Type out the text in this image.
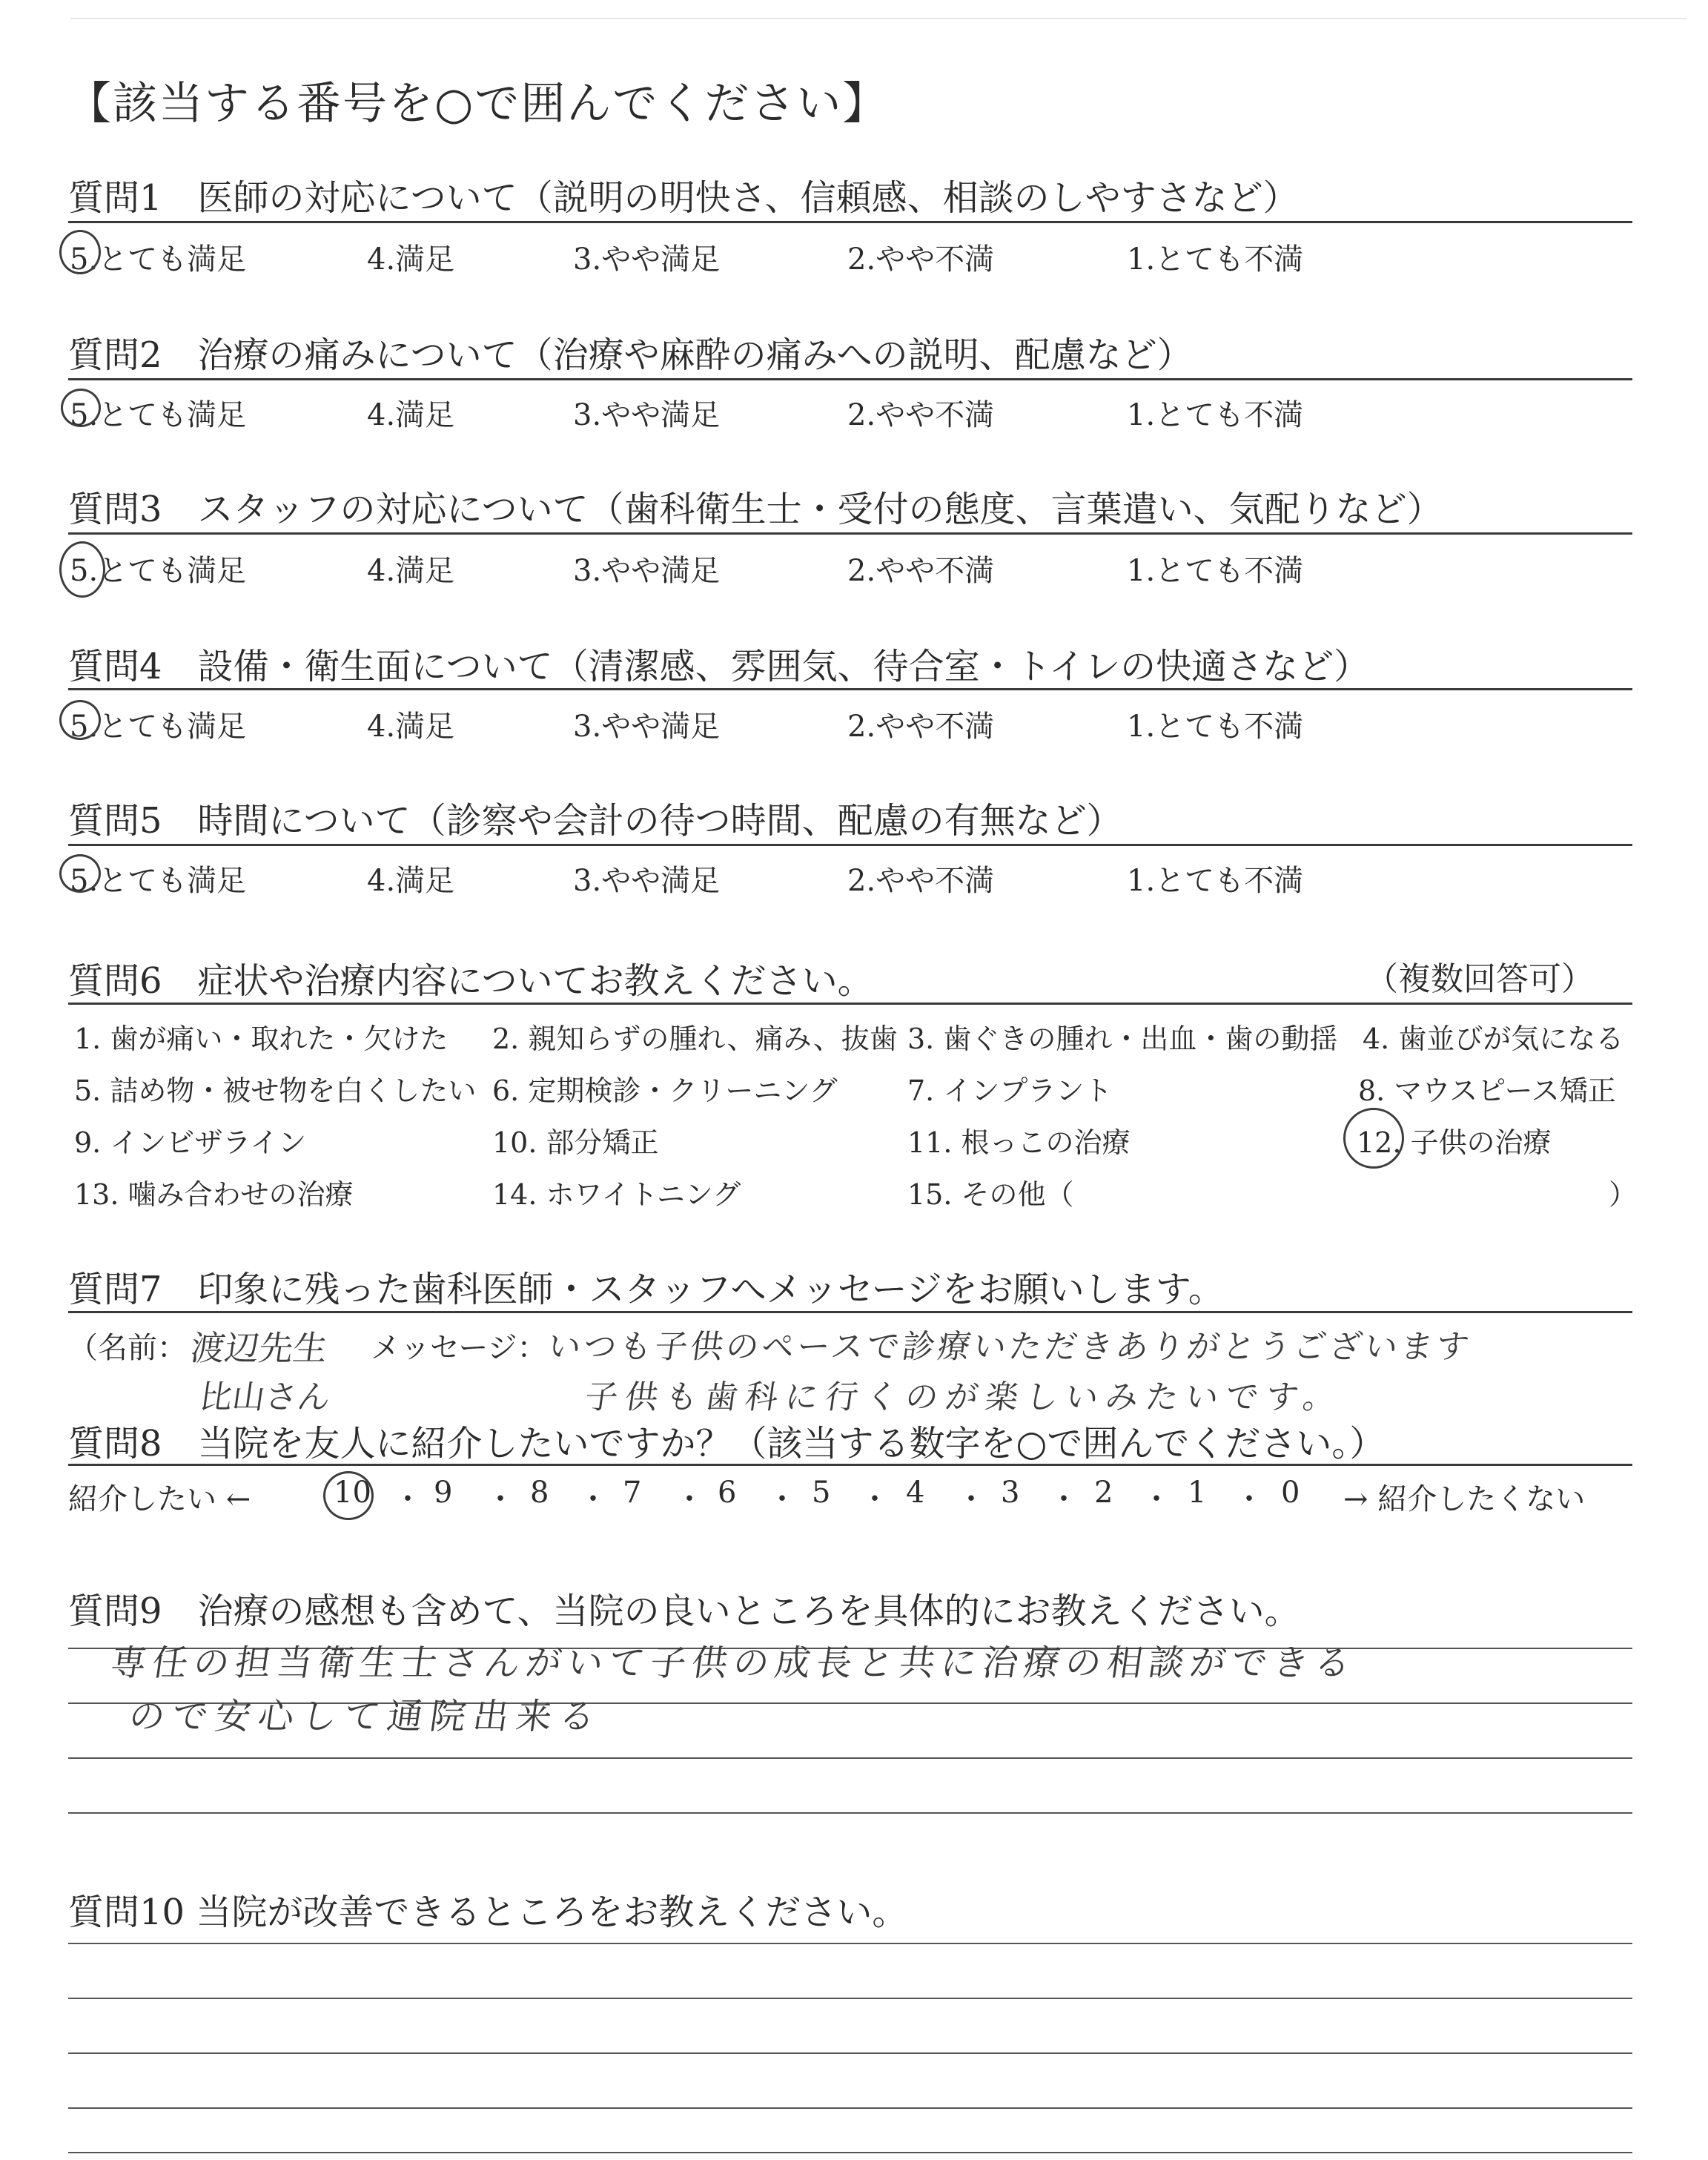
【該当する番号を○で囲んでください】
質問1　医師の対応について（説明の明快さ、信頼感、相談のしやすさなど）
5.とても満足	4.満足	3.やや満足	2.やや不満	1.とても不満
質問2　治療の痛みについて（治療や麻酔の痛みへの説明、配慮など）
5.とても満足	4.満足	3.やや満足	2.やや不満	1.とても不満
質問3　スタッフの対応について（歯科衛生士・受付の態度、言葉遣い、気配りなど）
5.とても満足	4.満足	3.やや満足	2.やや不満	1.とても不満
質問4　設備・衛生面について（清潔感、雰囲気、待合室・トイレの快適さなど）
5.とても満足	4.満足	3.やや満足	2.やや不満	1.とても不満
質問5　時間について（診察や会計の待つ時間、配慮の有無など）
5.とても満足	4.満足	3.やや満足	2.やや不満	1.とても不満
質問6　症状や治療内容についてお教えください。	（複数回答可）
1. 歯が痛い・取れた・欠けた 2. 親知らずの腫れ、痛み、抜歯 3. 歯ぐきの腫れ・出血・歯の動揺 4. 歯並びが気になる
5. 詰め物・被せ物を白くしたい 6. 定期検診・クリーニング 7. インプラント	8. マウスピース矯正
9. インビザライン	10. 部分矯正	11. 根っこの治療	12. 子供の治療
13. 噛み合わせの治療	14. ホワイトニング	15. その他（	）
質問7　印象に残った歯科医師・スタッフへメッセージをお願いします。
（名前：	メッセージ：
渡辺先生
比山さん
いつも子供のペースで診療いただきありがとうございます
子供も歯科に行くのが楽しいみたいです。
質問8　当院を友人に紹介したいですか？（該当する数字を○で囲んでください。）
紹介したい ←	→ 紹介したくない
10 ・ 9 ・ 8 ・ 7 ・ 6 ・ 5 ・ 4 ・ 3 ・ 2 ・ 1 ・ 0
質問9　治療の感想も含めて、当院の良いところを具体的にお教えください。
専任の担当衛生士さんがいて子供の成長と共に治療の相談ができる
ので安心して通院出来る
質問10 当院が改善できるところをお教えください。
